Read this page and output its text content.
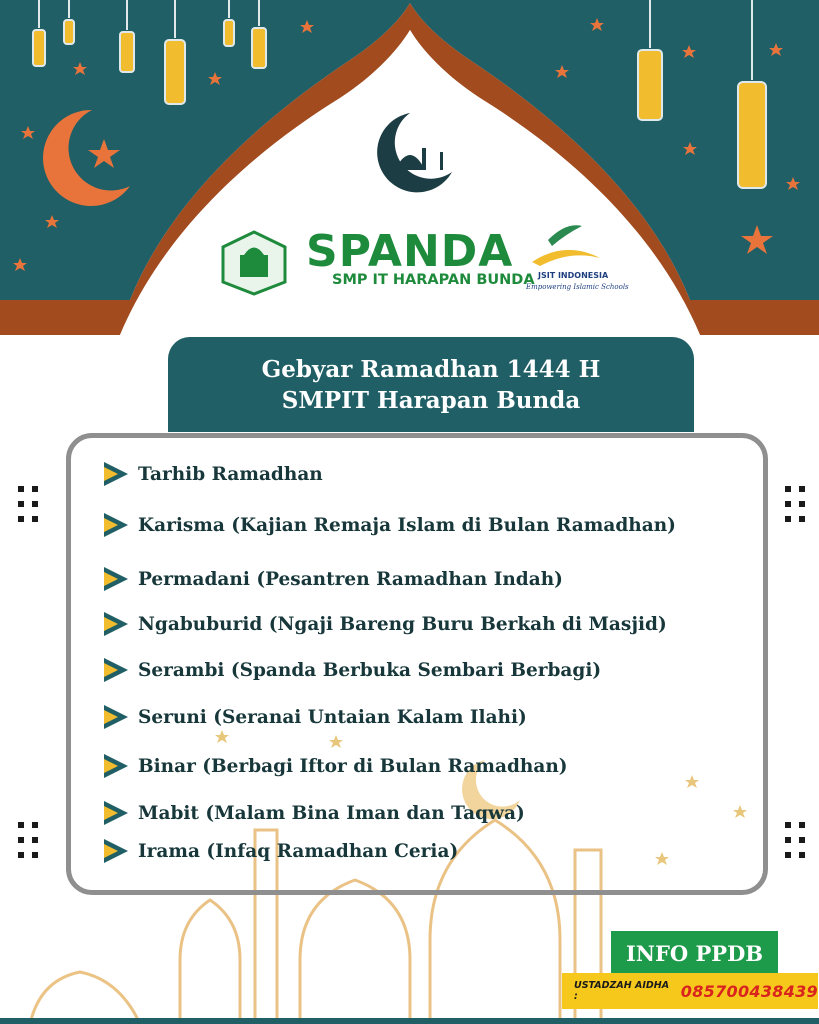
SPANDA
SMP IT HARAPAN BUNDA JSIT INDONESIA
Empowering Islamic Schools
Gebyar Ramadhan 1444 H
SMPIT Harapan Bunda
Tarhib Ramadhan
Karisma (Kajian Remaja Islam di Bulan Ramadhan)
Permadani (Pesantren Ramadhan Indah)
Ngabuburid (Ngaji Bareng Buru Berkah di Masjid)
Serambi (Spanda Berbuka Sembari Berbagi)
Seruni (Seranai Untaian Kalam Ilahi)
Binar (Berbagi Iftor di Bulan Ramadhan)
Mabit (Malam Bina Iman dan Taqwa)
Irama (Infaq Ramadhan Ceria)
INFO PPDB
USTADZAH AIDHA :	085700438439
